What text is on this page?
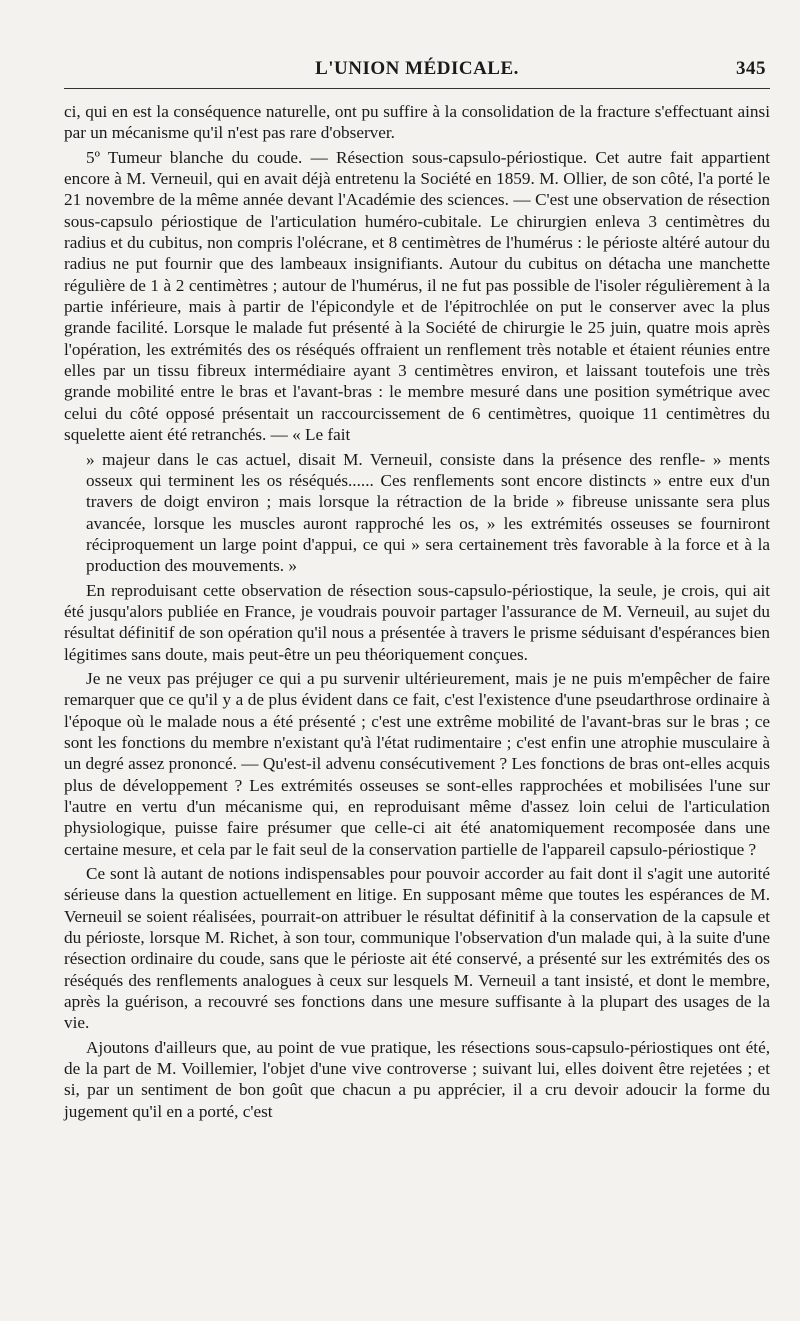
L'UNION MÉDICALE.	345

ci, qui en est la conséquence naturelle, ont pu suffire à la consolidation de la fracture s'effectuant ainsi par un mécanisme qu'il n'est pas rare d'observer.

5º Tumeur blanche du coude. — Résection sous-capsulo-périostique. Cet autre fait appartient encore à M. Verneuil, qui en avait déjà entretenu la Société en 1859. M. Ollier, de son côté, l'a porté le 21 novembre de la même année devant l'Académie des sciences. — C'est une observation de résection sous-capsulo périostique de l'articulation huméro-cubitale. Le chirurgien enleva 3 centimètres du radius et du cubitus, non compris l'olécrane, et 8 centimètres de l'humérus : le périoste altéré autour du radius ne put fournir que des lambeaux insignifiants. Autour du cubitus on détacha une manchette régulière de 1 à 2 centimètres ; autour de l'humérus, il ne fut pas possible de l'isoler régulièrement à la partie inférieure, mais à partir de l'épicondyle et de l'épitrochlée on put le conserver avec la plus grande facilité. Lorsque le malade fut présenté à la Société de chirurgie le 25 juin, quatre mois après l'opération, les extrémités des os réséqués offraient un renflement très notable et étaient réunies entre elles par un tissu fibreux intermédiaire ayant 3 centimètres environ, et laissant toutefois une très grande mobilité entre le bras et l'avant-bras : le membre mesuré dans une position symétrique avec celui du côté opposé présentait un raccourcissement de 6 centimètres, quoique 11 centimètres du squelette aient été retranchés. — « Le fait

» majeur dans le cas actuel, disait M. Verneuil, consiste dans la présence des renfle- » ments osseux qui terminent les os réséqués...... Ces renflements sont encore distincts » entre eux d'un travers de doigt environ ; mais lorsque la rétraction de la bride » fibreuse unissante sera plus avancée, lorsque les muscles auront rapproché les os, » les extrémités osseuses se fourniront réciproquement un large point d'appui, ce qui » sera certainement très favorable à la force et à la production des mouvements. »

En reproduisant cette observation de résection sous-capsulo-périostique, la seule, je crois, qui ait été jusqu'alors publiée en France, je voudrais pouvoir partager l'assurance de M. Verneuil, au sujet du résultat définitif de son opération qu'il nous a présentée à travers le prisme séduisant d'espérances bien légitimes sans doute, mais peut-être un peu théoriquement conçues.

Je ne veux pas préjuger ce qui a pu survenir ultérieurement, mais je ne puis m'empêcher de faire remarquer que ce qu'il y a de plus évident dans ce fait, c'est l'existence d'une pseudarthrose ordinaire à l'époque où le malade nous a été présenté ; c'est une extrême mobilité de l'avant-bras sur le bras ; ce sont les fonctions du membre n'existant qu'à l'état rudimentaire ; c'est enfin une atrophie musculaire à un degré assez prononcé. — Qu'est-il advenu consécutivement ? Les fonctions de bras ont-elles acquis plus de développement ? Les extrémités osseuses se sont-elles rapprochées et mobilisées l'une sur l'autre en vertu d'un mécanisme qui, en reproduisant même d'assez loin celui de l'articulation physiologique, puisse faire présumer que celle-ci ait été anatomiquement recomposée dans une certaine mesure, et cela par le fait seul de la conservation partielle de l'appareil capsulo-périostique ?

Ce sont là autant de notions indispensables pour pouvoir accorder au fait dont il s'agit une autorité sérieuse dans la question actuellement en litige. En supposant même que toutes les espérances de M. Verneuil se soient réalisées, pourrait-on attribuer le résultat définitif à la conservation de la capsule et du périoste, lorsque M. Richet, à son tour, communique l'observation d'un malade qui, à la suite d'une résection ordinaire du coude, sans que le périoste ait été conservé, a présenté sur les extrémités des os réséqués des renflements analogues à ceux sur lesquels M. Verneuil a tant insisté, et dont le membre, après la guérison, a recouvré ses fonctions dans une mesure suffisante à la plupart des usages de la vie.

Ajoutons d'ailleurs que, au point de vue pratique, les résections sous-capsulo-périostiques ont été, de la part de M. Voillemier, l'objet d'une vive controverse ; suivant lui, elles doivent être rejetées ; et si, par un sentiment de bon goût que chacun a pu apprécier, il a cru devoir adoucir la forme du jugement qu'il en a porté, c'est
